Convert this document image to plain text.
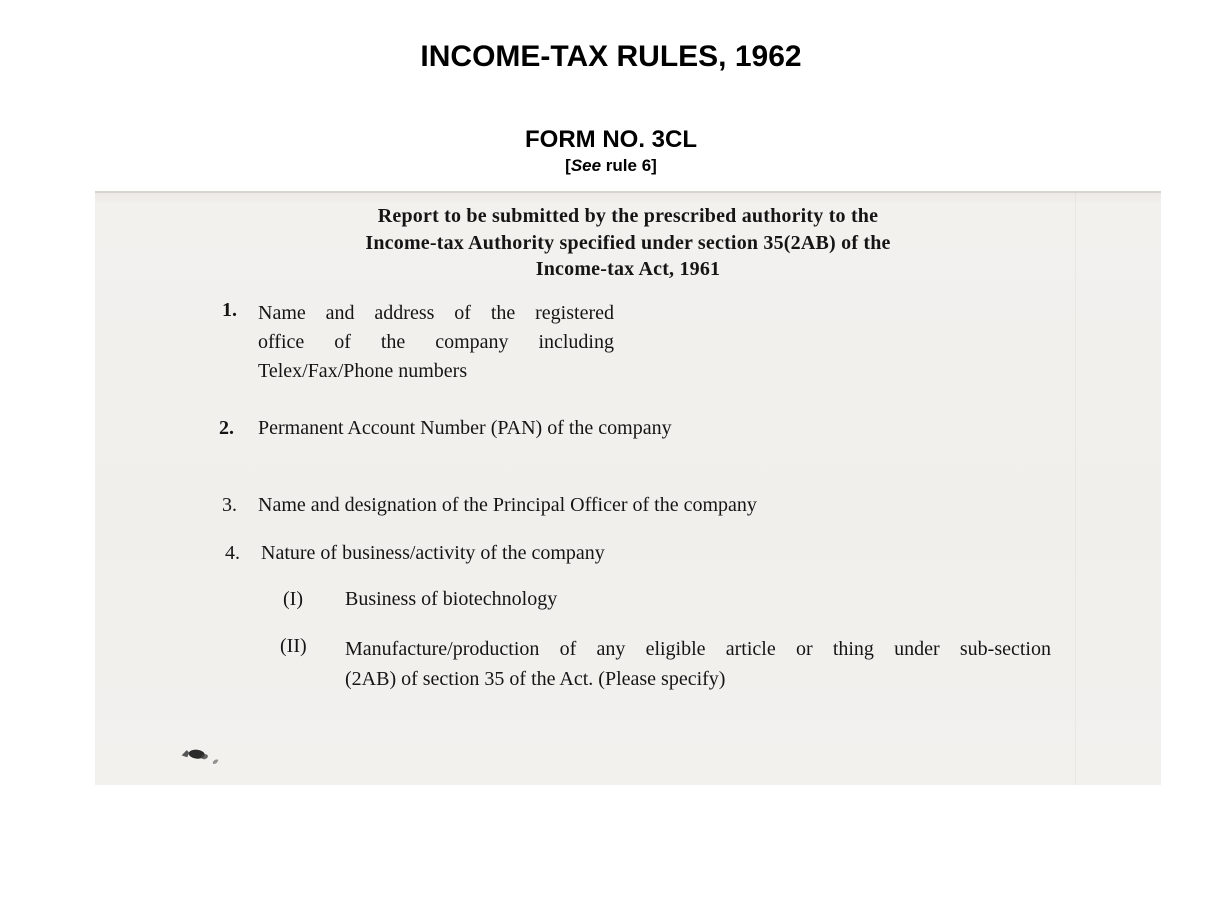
INCOME-TAX RULES, 1962
FORM NO. 3CL
[See rule 6]
Report to be submitted by the prescribed authority to the
Income-tax Authority specified under section 35(2AB) of the
Income-tax Act, 1961
1. Name and address of the registered
office of the company including
Telex/Fax/Phone numbers
2. Permanent Account Number (PAN) of the company
3. Name and designation of the Principal Officer of the company
4. Nature of business/activity of the company
(I) Business of biotechnology
(II) Manufacture/production of any eligible article or thing under sub-section
(2AB) of section 35 of the Act. (Please specify)
